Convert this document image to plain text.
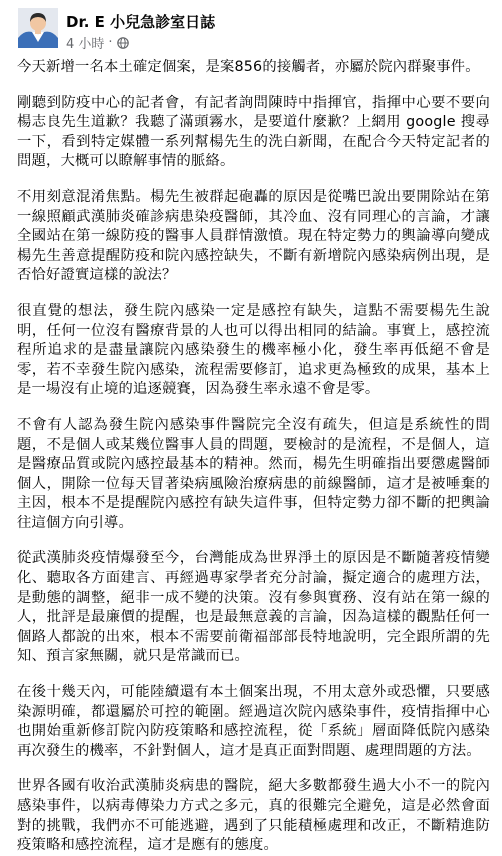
Dr. E 小兒急診室日誌
4 小時 ·

今天新增一名本土確定個案，是案856的接觸者，亦屬於院內群聚事件。

剛聽到防疫中心的記者會，有記者詢問陳時中指揮官，指揮中心要不要向楊志良先生道歉？我聽了滿頭霧水，是要道什麼歉？上網用 google 搜尋一下，看到特定媒體一系列幫楊先生的洗白新聞，在配合今天特定記者的問題，大概可以瞭解事情的脈絡。

不用刻意混淆焦點。楊先生被群起砲轟的原因是從嘴巴說出要開除站在第一線照顧武漢肺炎確診病患染疫醫師，其冷血、沒有同理心的言論，才讓全國站在第一線防疫的醫事人員群情激憤。現在特定勢力的輿論導向變成楊先生善意提醒防疫和院內感控缺失，不斷有新增院內感染病例出現，是否恰好證實這樣的說法？

很直覺的想法，發生院內感染一定是感控有缺失，這點不需要楊先生說明，任何一位沒有醫療背景的人也可以得出相同的結論。事實上，感控流程所追求的是盡量讓院內感染發生的機率極小化，發生率再低絕不會是零，若不幸發生院內感染，流程需要修訂，追求更為極致的成果，基本上是一場沒有止境的追逐競賽，因為發生率永遠不會是零。

不會有人認為發生院內感染事件醫院完全沒有疏失，但這是系統性的問題，不是個人或某幾位醫事人員的問題，要檢討的是流程，不是個人，這是醫療品質或院內感控最基本的精神。然而，楊先生明確指出要懲處醫師個人，開除一位每天冒著染病風險治療病患的前線醫師，這才是被唾棄的主因，根本不是提醒院內感控有缺失這件事，但特定勢力卻不斷的把輿論往這個方向引導。

從武漢肺炎疫情爆發至今，台灣能成為世界淨土的原因是不斷隨著疫情變化、聽取各方面建言、再經過專家學者充分討論，擬定適合的處理方法，是動態的調整，絕非一成不變的決策。沒有參與實務、沒有站在第一線的人，批評是最廉價的提醒，也是最無意義的言論，因為這樣的觀點任何一個路人都說的出來，根本不需要前衛福部部長特地說明，完全跟所謂的先知、預言家無關，就只是常識而已。

在後十幾天內，可能陸續還有本土個案出現，不用太意外或恐懼，只要感染源明確，都還屬於可控的範圍。經過這次院內感染事件，疫情指揮中心也開始重新修訂院內防疫策略和感控流程，從「系統」層面降低院內感染再次發生的機率，不針對個人，這才是真正面對問題、處理問題的方法。

世界各國有收治武漢肺炎病患的醫院，絕大多數都發生過大小不一的院內感染事件，以病毒傳染力方式之多元，真的很難完全避免，這是必然會面對的挑戰，我們亦不可能逃避，遇到了只能積極處理和改正，不斷精進防疫策略和感控流程，這才是應有的態度。
